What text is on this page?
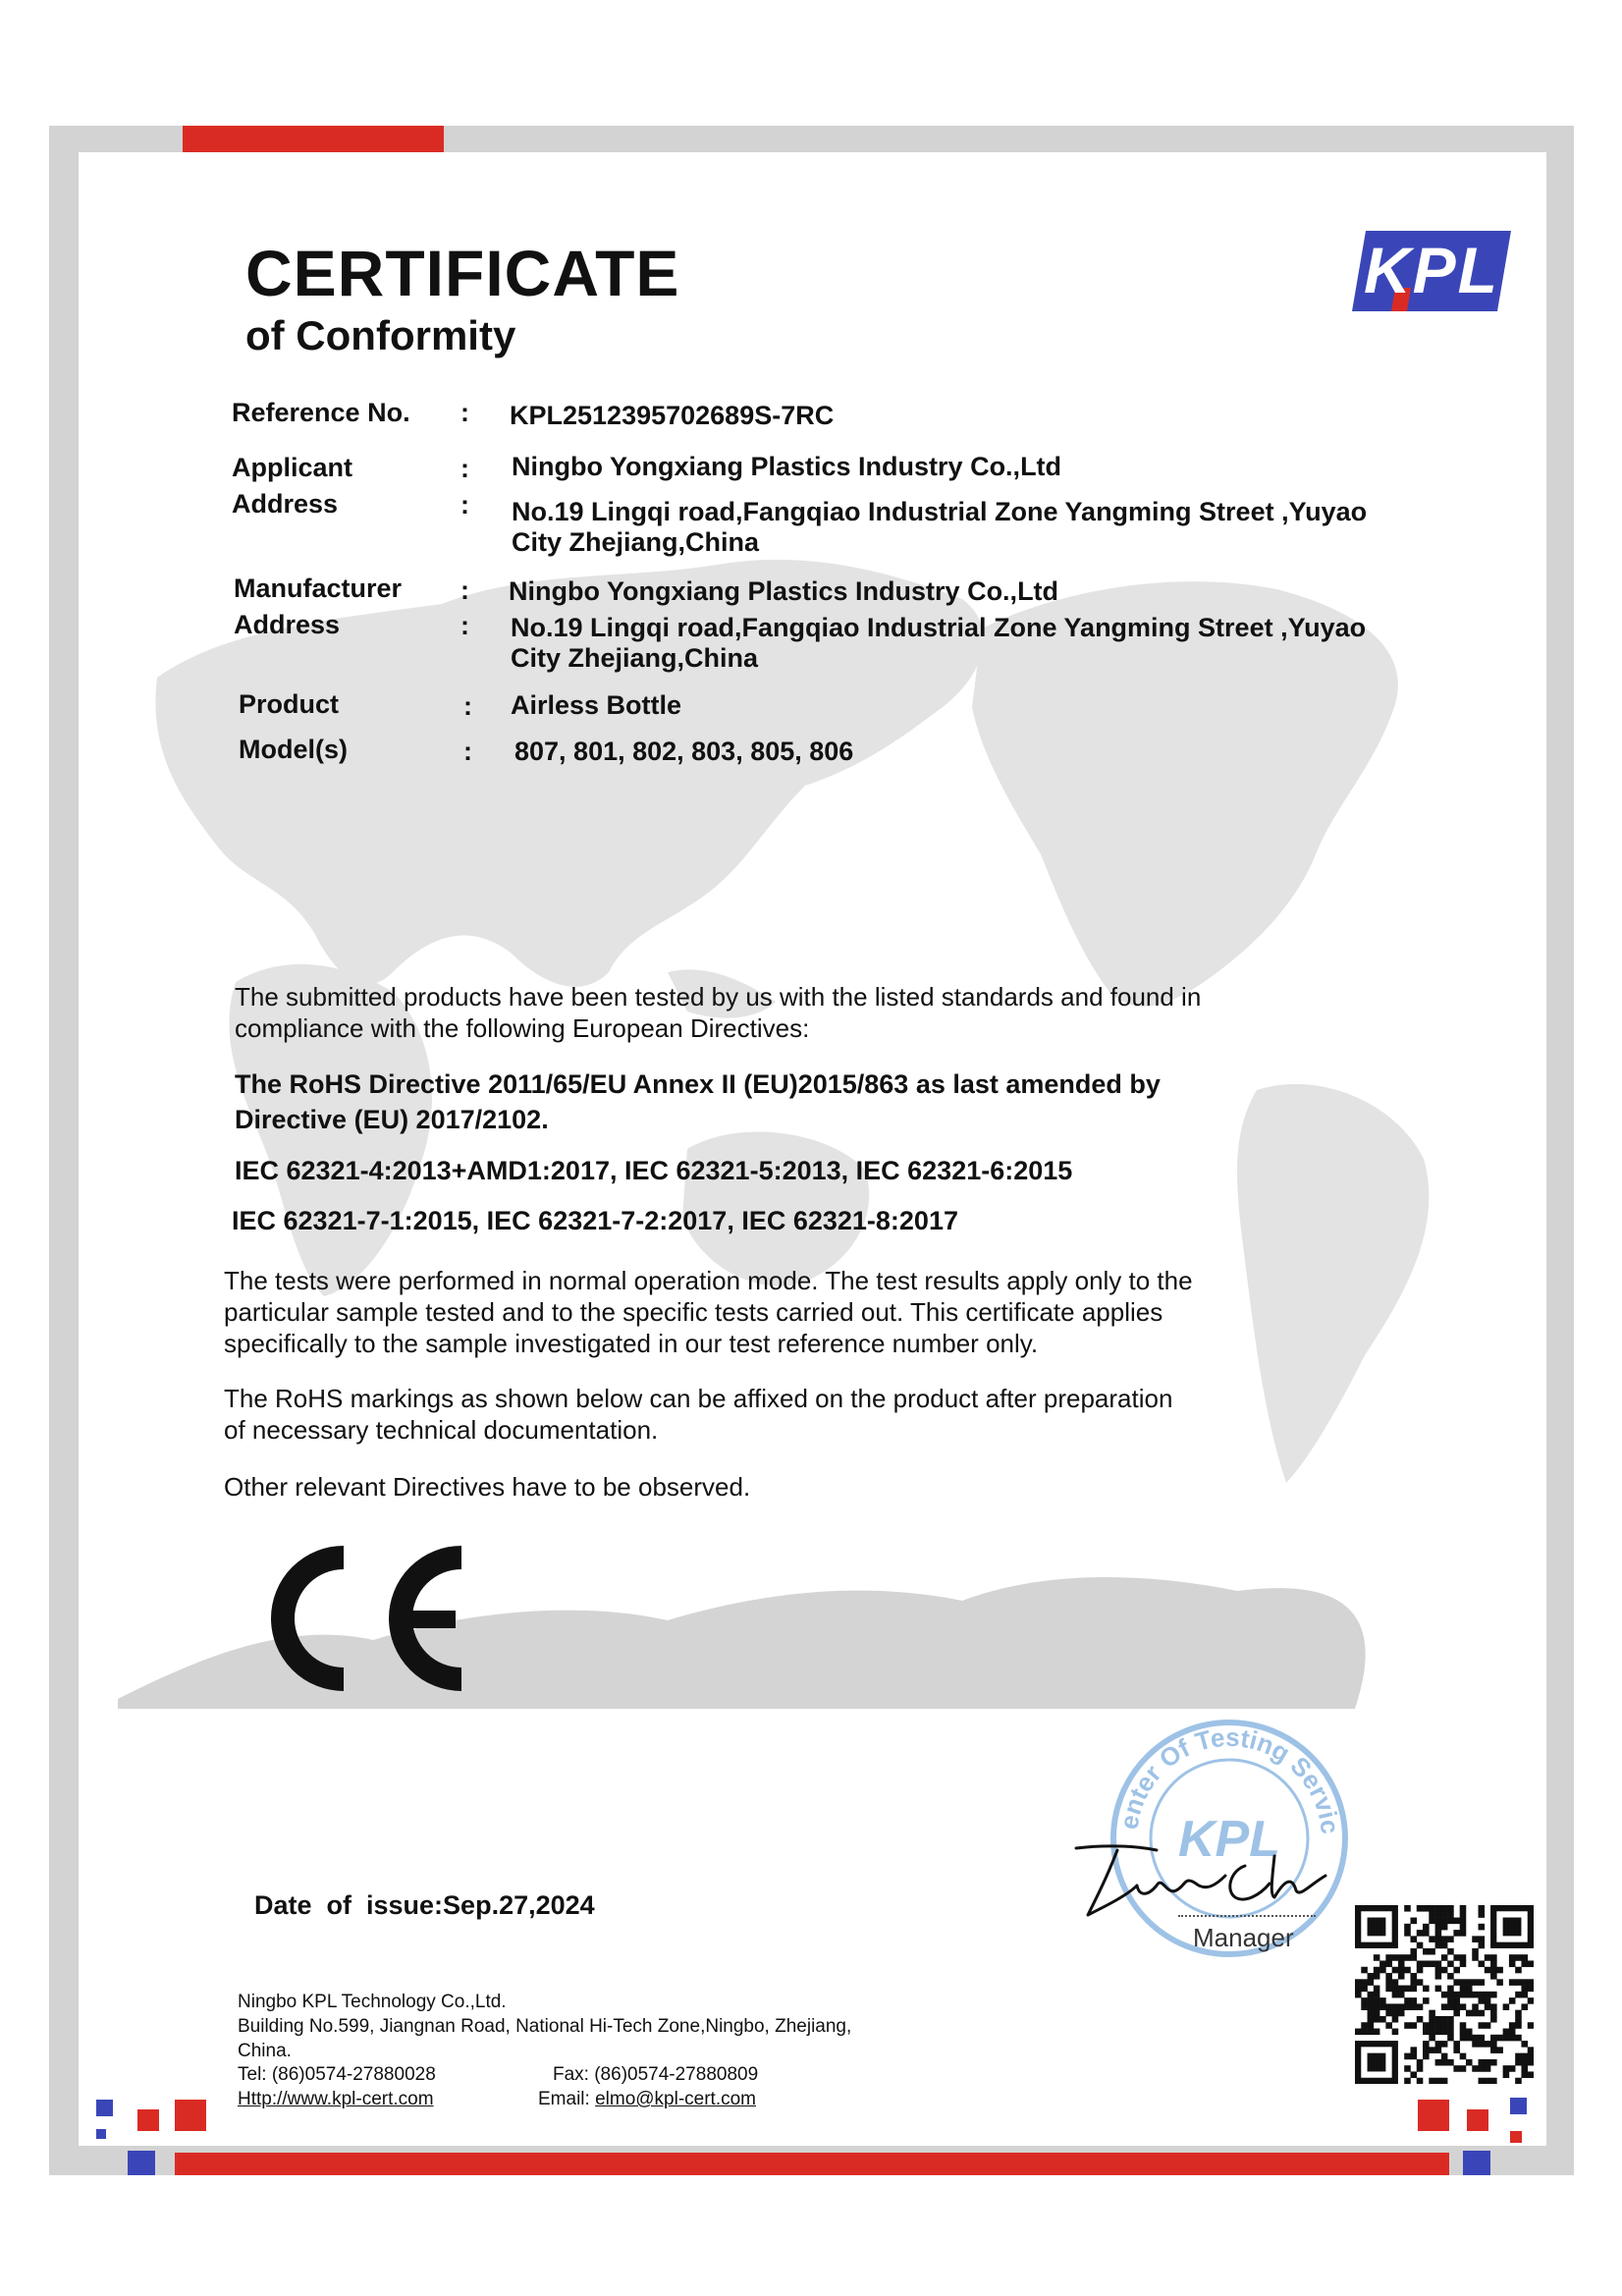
CERTIFICATE
of Conformity
KPL
Reference No. : KPL2512395702689S-7RC
Applicant	: Ningbo Yongxiang Plastics Industry Co.,Ltd
Address	: No.19 Lingqi road,Fangqiao Industrial Zone Yangming Street ,Yuyao
City Zhejiang,China
Manufacturer : Ningbo Yongxiang Plastics Industry Co.,Ltd
Address	: No.19 Lingqi road,Fangqiao Industrial Zone Yangming Street ,Yuyao
City Zhejiang,China
Product	: Airless Bottle
Model(s)	: 807, 801, 802, 803, 805, 806
The submitted products have been tested by us with the listed standards and found in
compliance with the following European Directives:
The RoHS Directive 2011/65/EU Annex II (EU)2015/863 as last amended by
Directive (EU) 2017/2102.
IEC 62321-4:2013+AMD1:2017, IEC 62321-5:2013, IEC 62321-6:2015
IEC 62321-7-1:2015, IEC 62321-7-2:2017, IEC 62321-8:2017
The tests were performed in normal operation mode. The test results apply only to the
particular sample tested and to the specific tests carried out. This certificate applies
specifically to the sample investigated in our test reference number only.
The RoHS markings as shown below can be affixed on the product after preparation
of necessary technical documentation.
Other relevant Directives have to be observed.
Date  of  issue:Sep.27,2024
enter Of Testing Servic
KPL
Manager
Ningbo KPL Technology Co.,Ltd.
Building No.599, Jiangnan Road, National Hi-Tech Zone,Ningbo, Zhejiang,
China.
Tel: (86)0574-27880028	Fax: (86)0574-27880809
Http://www.kpl-cert.com	Email: elmo@kpl-cert.com
